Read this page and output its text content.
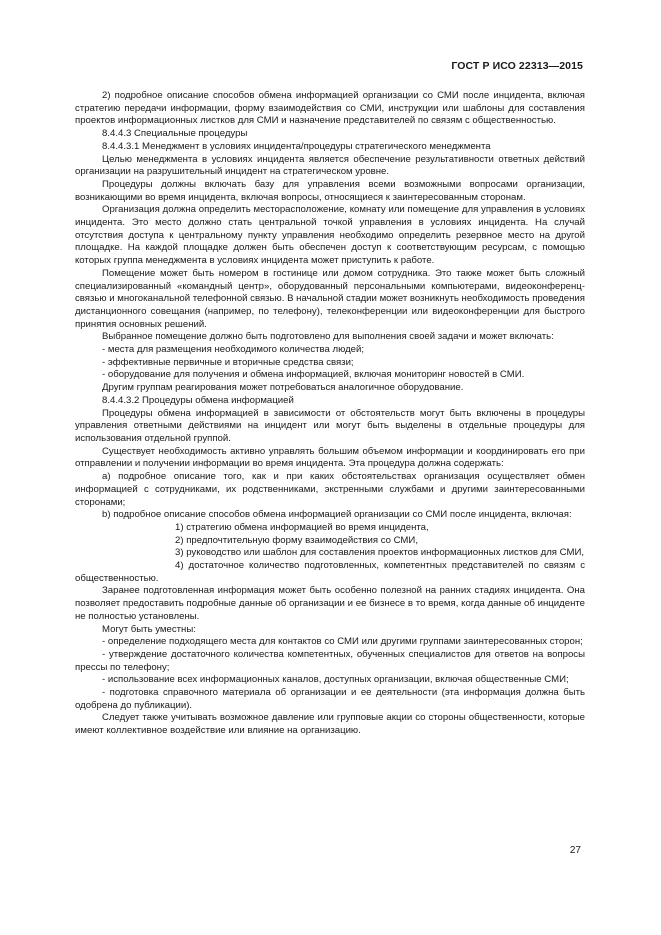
ГОСТ Р ИСО 22313—2015

2) подробное описание способов обмена информацией организации со СМИ после инцидента, включая стратегию передачи информации, форму взаимодействия со СМИ, инструкции или шаблоны для составления проектов информационных листков для СМИ и назначение представителей по связям с общественностью.

8.4.4.3 Специальные процедуры

8.4.4.3.1 Менеджмент в условиях инцидента/процедуры стратегического менеджмента

Целью менеджмента в условиях инцидента является обеспечение результативности ответных действий организации на разрушительный инцидент на стратегическом уровне.

Процедуры должны включать базу для управления всеми возможными вопросами организации, возникающими во время инцидента, включая вопросы, относящиеся к заинтересованным сторонам.

Организация должна определить месторасположение, комнату или помещение для управления в условиях инцидента. Это место должно стать центральной точкой управления в условиях инцидента. На случай отсутствия доступа к центральному пункту управления необходимо определить резервное место на другой площадке. На каждой площадке должен быть обеспечен доступ к соответствующим ресурсам, с помощью которых группа менеджмента в условиях инцидента может приступить к работе.

Помещение может быть номером в гостинице или домом сотрудника. Это также может быть сложный специализированный «командный центр», оборудованный персональными компьютерами, видеоконференц-связью и многоканальной телефонной связью. В начальной стадии может возникнуть необходимость проведения дистанционного совещания (например, по телефону), телеконференции или видеоконференции для быстрого принятия основных решений.

Выбранное помещение должно быть подготовлено для выполнения своей задачи и может включать:

- места для размещения необходимого количества людей;

- эффективные первичные и вторичные средства связи;

- оборудование для получения и обмена информацией, включая мониторинг новостей в СМИ.

Другим группам реагирования может потребоваться аналогичное оборудование.

8.4.4.3.2 Процедуры обмена информацией

Процедуры обмена информацией в зависимости от обстоятельств могут быть включены в процедуры управления ответными действиями на инцидент или могут быть выделены в отдельные процедуры для использования отдельной группой.

Существует необходимость активно управлять большим объемом информации и координировать его при отправлении и получении информации во время инцидента. Эта процедура должна содержать:

a) подробное описание того, как и при каких обстоятельствах организация осуществляет обмен информацией с сотрудниками, их родственниками, экстренными службами и другими заинтересованными сторонами;

b) подробное описание способов обмена информацией организации со СМИ после инцидента, включая:

1) стратегию обмена информацией во время инцидента,

2) предпочтительную форму взаимодействия со СМИ,

3) руководство или шаблон для составления проектов информационных листков для СМИ,

4) достаточное количество подготовленных, компетентных представителей по связям с общественностью.

Заранее подготовленная информация может быть особенно полезной на ранних стадиях инцидента. Она позволяет предоставить подробные данные об организации и ее бизнесе в то время, когда данные об инциденте не полностью установлены.

Могут быть уместны:

- определение подходящего места для контактов со СМИ или другими группами заинтересованных сторон;

- утверждение достаточного количества компетентных, обученных специалистов для ответов на вопросы прессы по телефону;

- использование всех информационных каналов, доступных организации, включая общественные СМИ;

- подготовка справочного материала об организации и ее деятельности (эта информация должна быть одобрена до публикации).

Следует также учитывать возможное давление или групповые акции со стороны общественности, которые имеют коллективное воздействие или влияние на организацию.

27
